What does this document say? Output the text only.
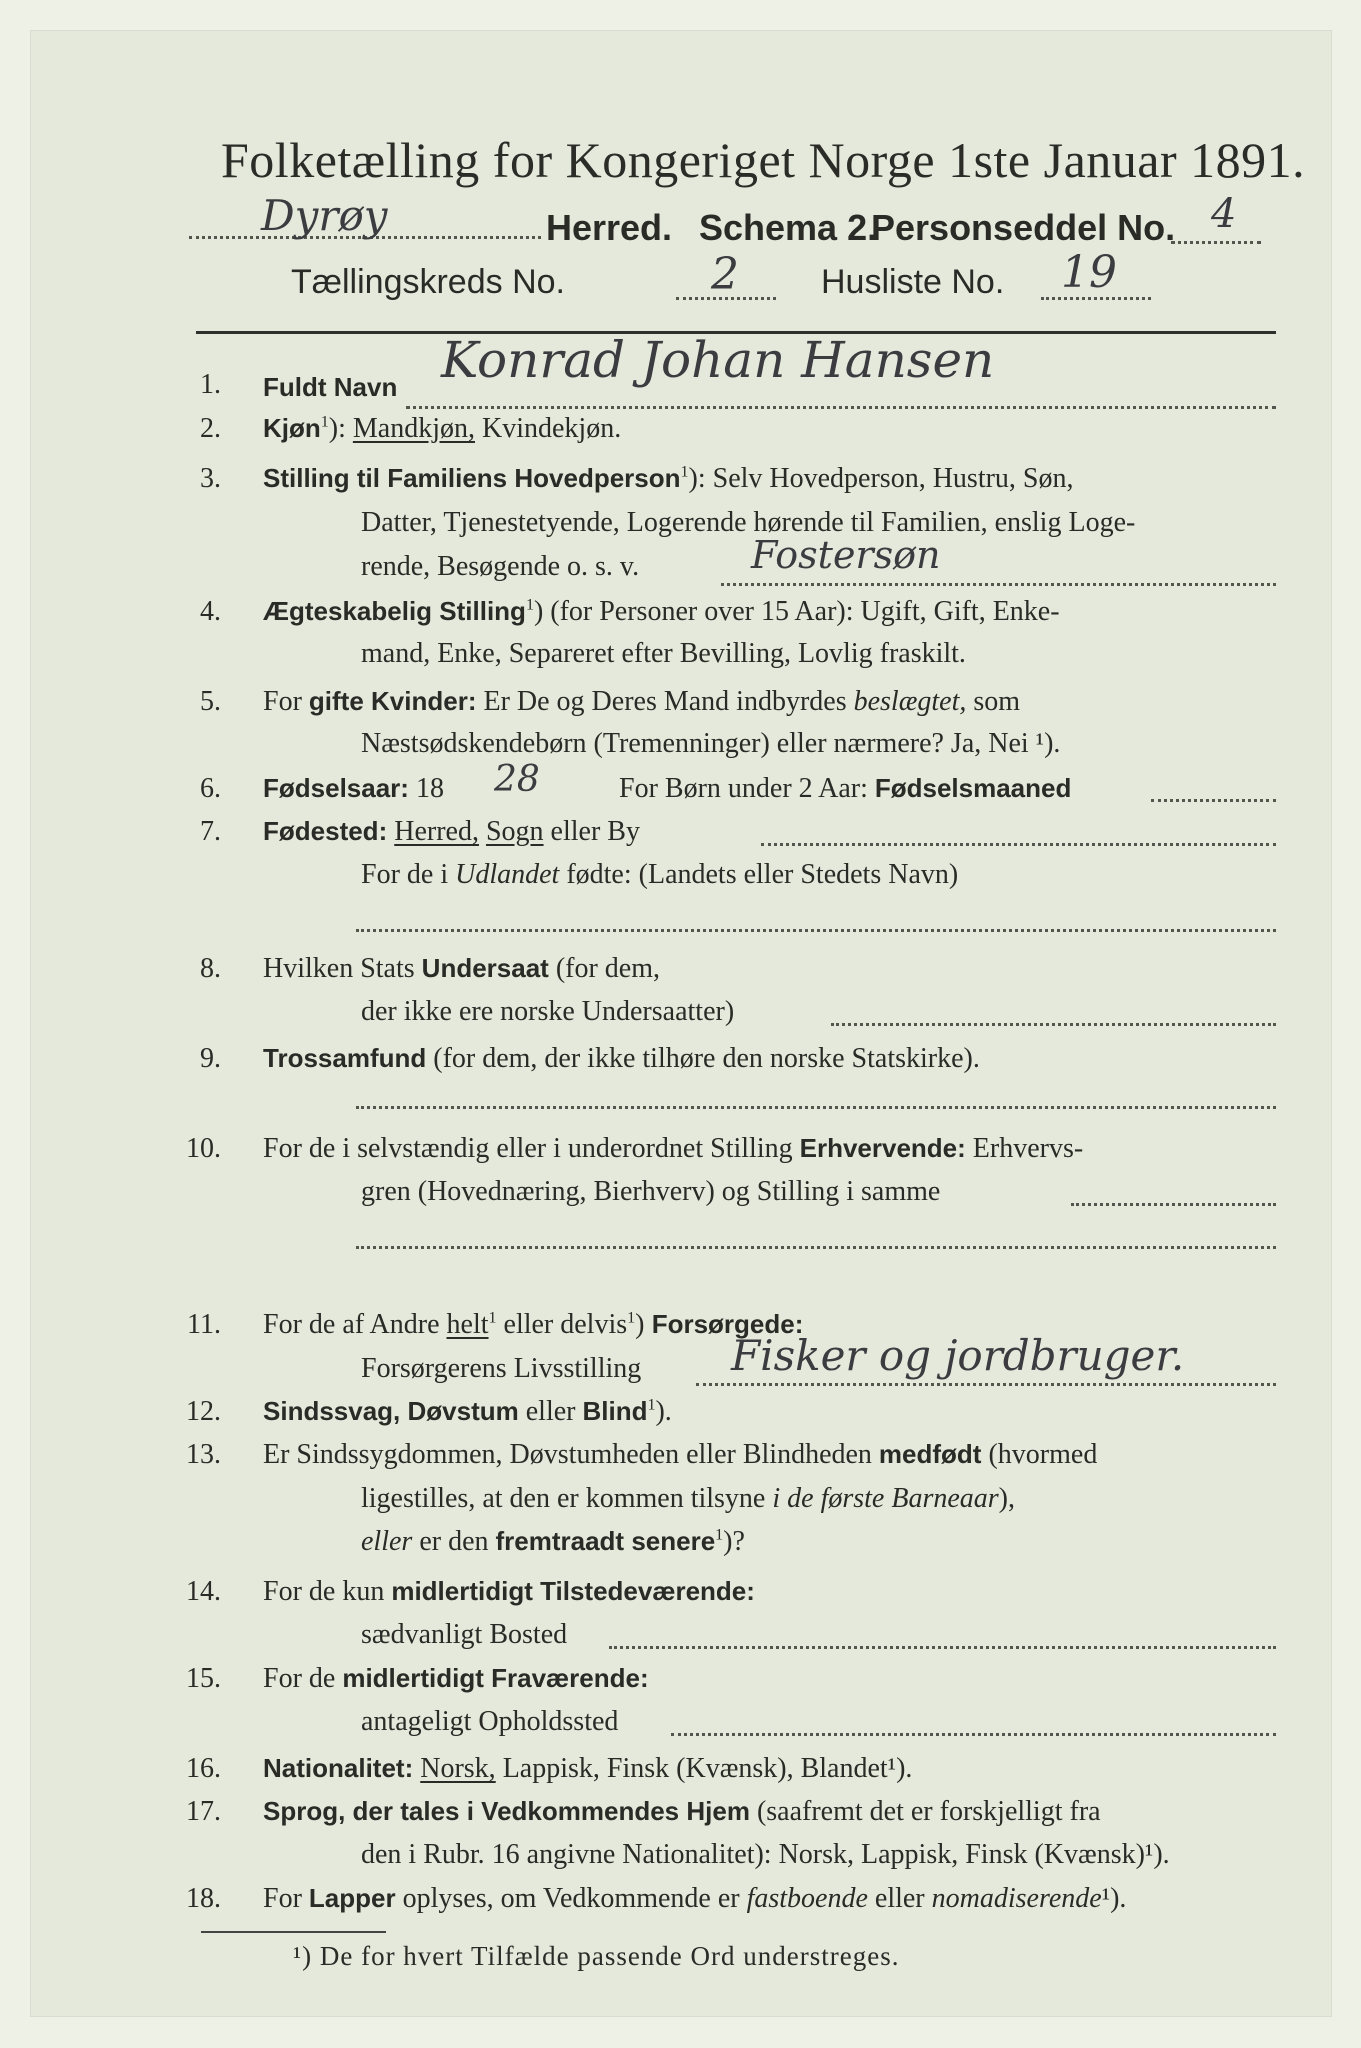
Folketælling for Kongeriget Norge 1ste Januar 1891.
Dyrøy	Herred. Schema 2.
Personseddel No. 4
Tællingskreds No.	2 Husliste No. 19
1. Fuldt Navn Konrad Johan Hansen
2. Kjøn$^1$): Mandkjøn, Kvindekjøn.
3. Stilling til Familiens Hovedperson$^1$): Selv Hovedperson, Hustru, Søn,
Datter, Tjenestetyende, Logerende hørende til Familien, enslig Loge-
rende, Besøgende o. s. v.	Fostersøn
4. Ægteskabelig Stilling$^1$) (for Personer over 15 Aar): Ugift, Gift, Enke-
mand, Enke, Separeret efter Bevilling, Lovlig fraskilt.
5. For gifte Kvinder: Er De og Deres Mand indbyrdes beslægtet, som
Næstsødskendebørn (Tremenninger) eller nærmere? Ja, Nei ¹).
6. Fødselsaar: 18 28	For Børn under 2 Aar: Fødselsmaaned
7. Fødested: Herred, Sogn eller By
For de i Udlandet fødte: (Landets eller Stedets Navn)
8. Hvilken Stats Undersaat (for dem,
der ikke ere norske Undersaatter)
9. Trossamfund (for dem, der ikke tilhøre den norske Statskirke).
10. For de i selvstændig eller i underordnet Stilling Erhvervende: Erhvervs-
gren (Hovednæring, Bierhverv) og Stilling i samme
11. For de af Andre helt$^1$ eller delvis$^1$) Forsørgede:
Forsørgerens Livsstilling Fisker og jordbruger.
12. Sindssvag, Døvstum eller Blind$^1$).
13. Er Sindssygdommen, Døvstumheden eller Blindheden medfødt (hvormed
ligestilles, at den er kommen tilsyne i de første Barneaar),
eller er den fremtraadt senere$^1$)?
14. For de kun midlertidigt Tilstedeværende:
sædvanligt Bosted
15. For de midlertidigt Fraværende:
antageligt Opholdssted
16. Nationalitet: Norsk, Lappisk, Finsk (Kvænsk), Blandet¹).
17. Sprog, der tales i Vedkommendes Hjem (saafremt det er forskjelligt fra
den i Rubr. 16 angivne Nationalitet): Norsk, Lappisk, Finsk (Kvænsk)¹).
18. For Lapper oplyses, om Vedkommende er fastboende eller nomadiserende¹).
¹) De for hvert Tilfælde passende Ord understreges.
